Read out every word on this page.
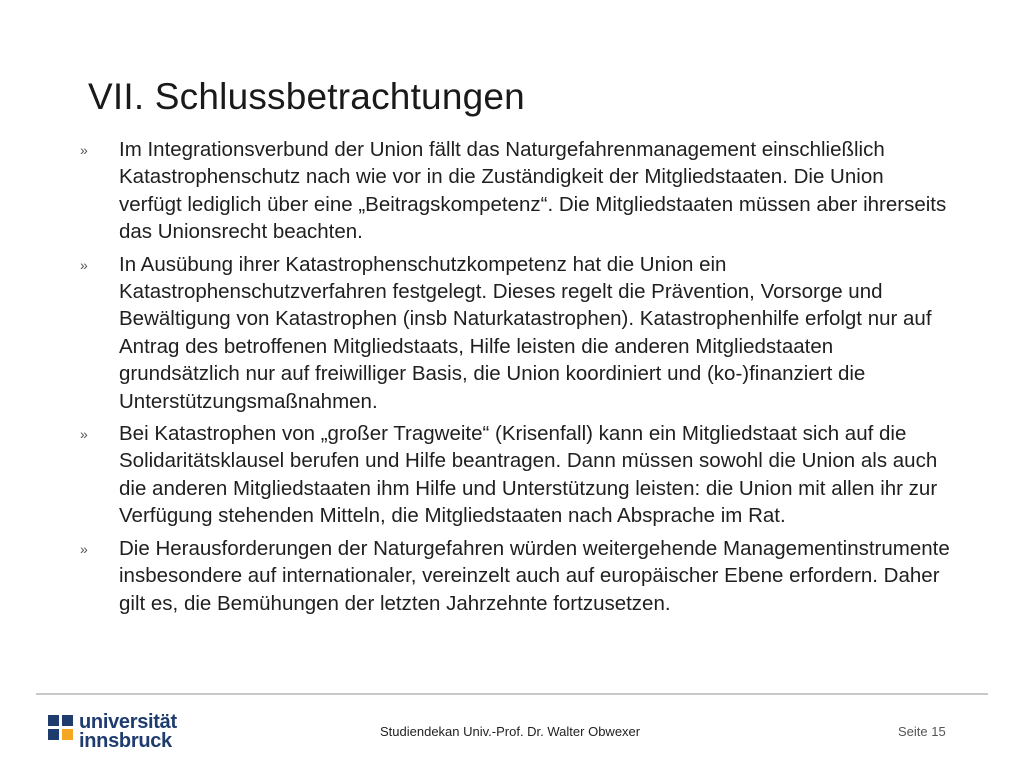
VII. Schlussbetrachtungen
» Im Integrationsverbund der Union fällt das Naturgefahrenmanagement einschließlich Katastrophenschutz nach wie vor in die Zuständigkeit der Mitgliedstaaten. Die Union verfügt lediglich über eine „Beitragskompetenz“. Die Mitgliedstaaten müssen aber ihrerseits das Unionsrecht beachten.
» In Ausübung ihrer Katastrophenschutzkompetenz hat die Union ein Katastrophenschutzverfahren festgelegt. Dieses regelt die Prävention, Vorsorge und Bewältigung von Katastrophen (insb Naturkatastrophen). Katastrophenhilfe erfolgt nur auf Antrag des betroffenen Mitgliedstaats, Hilfe leisten die anderen Mitgliedstaaten grundsätzlich nur auf freiwilliger Basis, die Union koordiniert und (ko-)finanziert die Unterstützungsmaßnahmen.
» Bei Katastrophen von „großer Tragweite“ (Krisenfall) kann ein Mitgliedstaat sich auf die Solidaritätsklausel berufen und Hilfe beantragen. Dann müssen sowohl die Union als auch die anderen Mitgliedstaaten ihm Hilfe und Unterstützung leisten: die Union mit allen ihr zur Verfügung stehenden Mitteln, die Mitgliedstaaten nach Absprache im Rat.
» Die Herausforderungen der Naturgefahren würden weitergehende Managementinstrumente insbesondere auf internationaler, vereinzelt auch auf europäischer Ebene erfordern. Daher gilt es, die Bemühungen der letzten Jahrzehnte fortzusetzen.
universität
innsbruck	Studiendekan Univ.-Prof. Dr. Walter Obwexer	Seite 15
